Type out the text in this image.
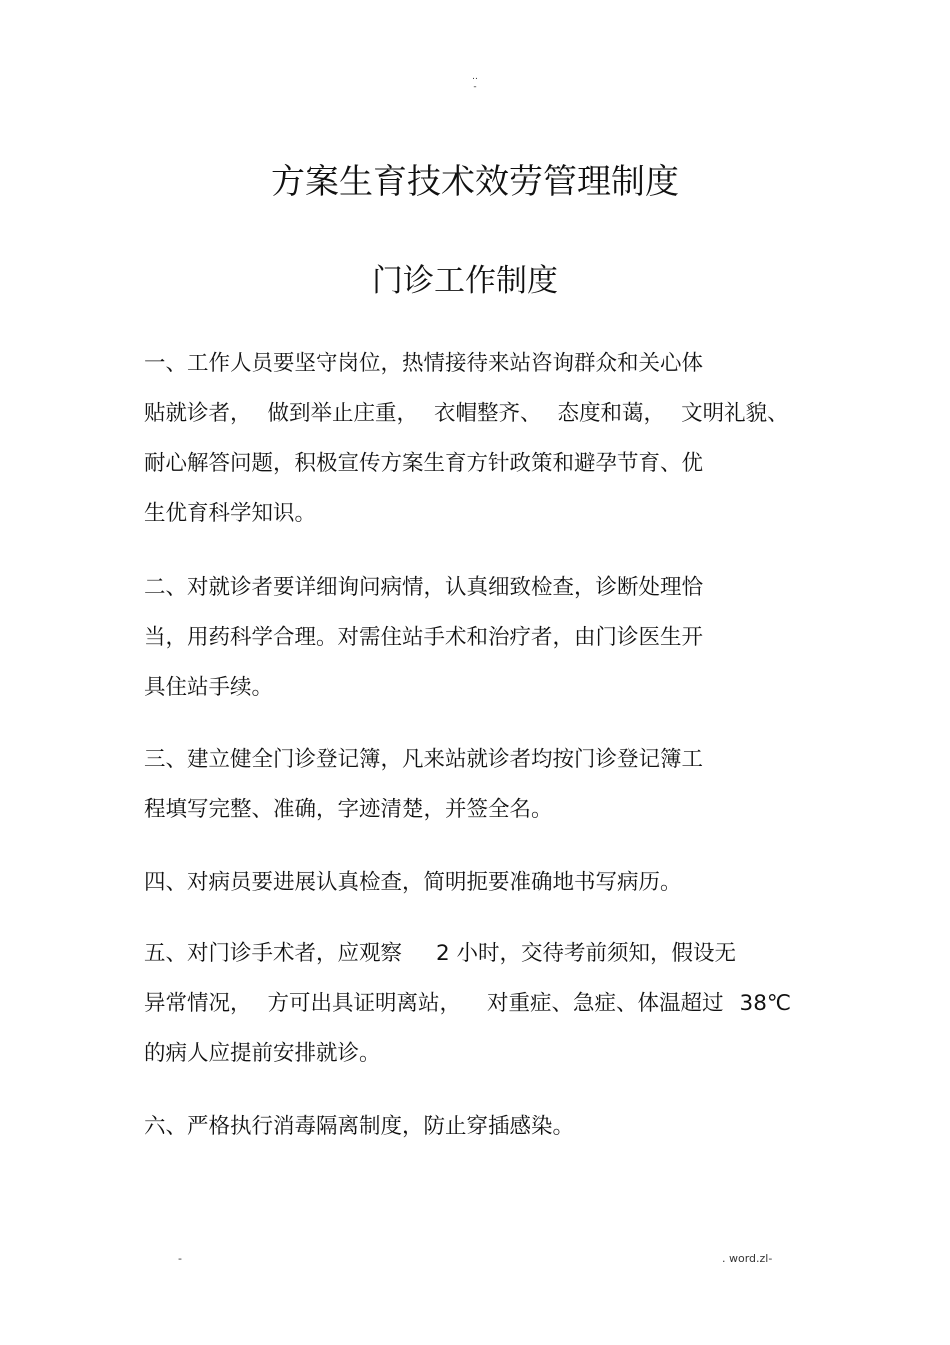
..
-
方案生育技术效劳管理制度
门诊工作制度

一、工作人员要坚守岗位，热情接待来站咨询群众和关心体
贴就诊者， 做到举止庄重， 衣帽整齐、 态度和蔼， 文明礼貌、
耐心解答问题，积极宣传方案生育方针政策和避孕节育、优
生优育科学知识。

二、对就诊者要详细询问病情，认真细致检查，诊断处理恰
当，用药科学合理。对需住站手术和治疗者，由门诊医生开
具住站手续。

三、建立健全门诊登记簿，凡来站就诊者均按门诊登记簿工
程填写完整、准确，字迹清楚，并签全名。

四、对病员要进展认真检查，简明扼要准确地书写病历。

五、对门诊手术者，应观察 2 小时，交待考前须知，假设无
异常情况， 方可出具证明离站， 对重症、急症、体温超过 38℃
的病人应提前安排就诊。

六、严格执行消毒隔离制度，防止穿插感染。

-	. word.zl-
